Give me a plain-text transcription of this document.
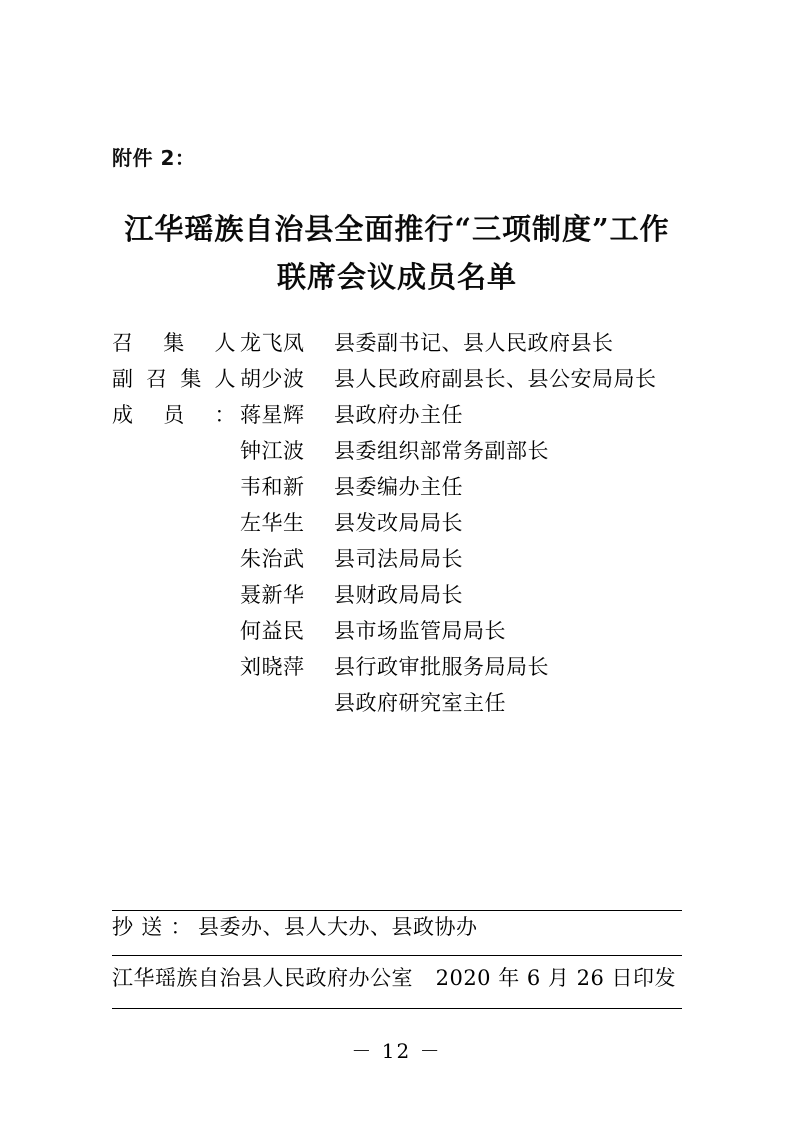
附件 2：
江华瑶族自治县全面推行“三项制度”工作
联席会议成员名单
召集人 龙飞凤	县委副书记、县人民政府县长
副召集人 胡少波	县人民政府副县长、县公安局局长
成员： 蒋星辉	县政府办主任
钟江波	县委组织部常务副部长
韦和新	县委编办主任
左华生	县发改局局长
朱治武	县司法局局长
聂新华	县财政局局长
何益民	县市场监管局局长
刘晓萍	县行政审批服务局局长
县政府研究室主任
抄送： 县委办、县人大办、县政协办
江华瑶族自治县人民政府办公室 2020 年 6 月 26 日印发
－ 12 －
